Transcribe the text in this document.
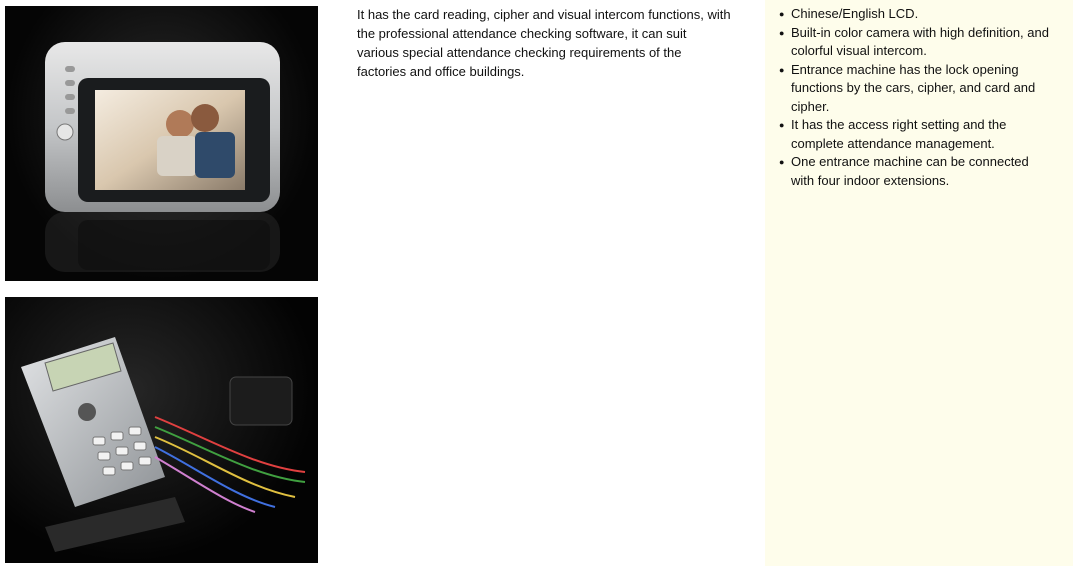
It has the card reading, cipher and visual intercom functions, with the professional attendance checking software, it can suit various special attendance checking requirements of the factories and office buildings.

● Chinese/English LCD.
● Built-in color camera with high definition, and colorful visual intercom.
● Entrance machine has the lock opening functions by the cars, cipher, and card and cipher.
● It has the access right setting and the complete attendance management.
● One entrance machine can be connected with four indoor extensions.
